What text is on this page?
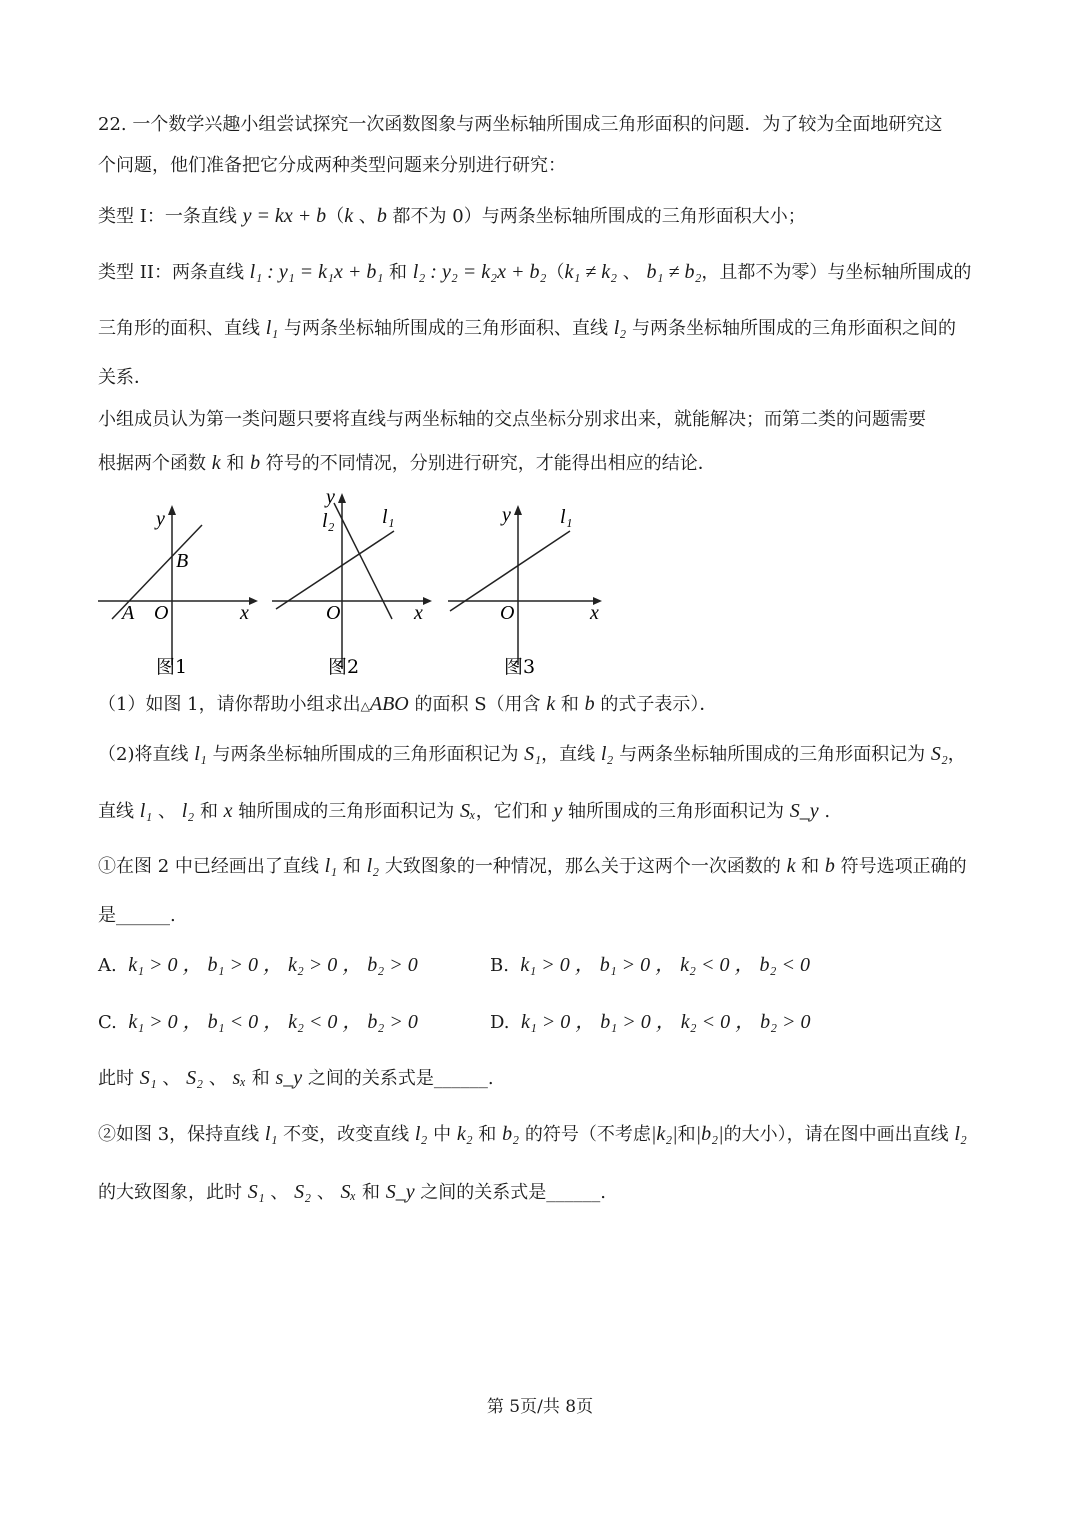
22. 一个数学兴趣小组尝试探究一次函数图象与两坐标轴所围成三角形面积的问题．为了较为全面地研究这
个问题，他们准备把它分成两种类型问题来分别进行研究：
类型 I：一条直线 y = kx + b（k 、b 都不为 0）与两条坐标轴所围成的三角形面积大小；
类型 II：两条直线 l₁ : y₁ = k₁x + b₁ 和 l₂ : y₂ = k₂x + b₂（k₁ ≠ k₂ 、 b₁ ≠ b₂，且都不为零）与坐标轴所围成的
三角形的面积、直线 l₁ 与两条坐标轴所围成的三角形面积、直线 l₂ 与两条坐标轴所围成的三角形面积之间的
关系．
小组成员认为第一类问题只要将直线与两坐标轴的交点坐标分别求出来，就能解决；而第二类的问题需要
根据两个函数 k 和 b 符号的不同情况，分别进行研究，才能得出相应的结论．
y
x
O
A
B
图1
y
l₂ l₁
x
O
图2
y l₁
x
O
图3
（1）如图 1，请你帮助小组求出△ABO 的面积 S（用含 k 和 b 的式子表示）．
（2)将直线 l₁ 与两条坐标轴所围成的三角形面积记为 S₁，直线 l₂ 与两条坐标轴所围成的三角形面积记为 S₂，
直线 l₁ 、 l₂ 和 x 轴所围成的三角形面积记为 Sₓ，它们和 y 轴所围成的三角形面积记为 S_y .
①在图 2 中已经画出了直线 l₁ 和 l₂ 大致图象的一种情况，那么关于这两个一次函数的 k 和 b 符号选项正确的
是______.
A. k₁ > 0 ， b₁ > 0 ， k₂ > 0 ， b₂ > 0	B. k₁ > 0 ， b₁ > 0 ， k₂ < 0 ， b₂ < 0
C. k₁ > 0 ， b₁ < 0 ， k₂ < 0 ， b₂ > 0	D. k₁ > 0 ， b₁ > 0 ， k₂ < 0 ， b₂ > 0
此时 S₁ 、 S₂ 、 sₓ 和 s_y 之间的关系式是______.
②如图 3，保持直线 l₁ 不变，改变直线 l₂ 中 k₂ 和 b₂ 的符号（不考虑|k₂|和|b₂|的大小），请在图中画出直线 l₂
的大致图象，此时 S₁ 、 S₂ 、 Sₓ 和 S_y 之间的关系式是______.
第 5页/共 8页
